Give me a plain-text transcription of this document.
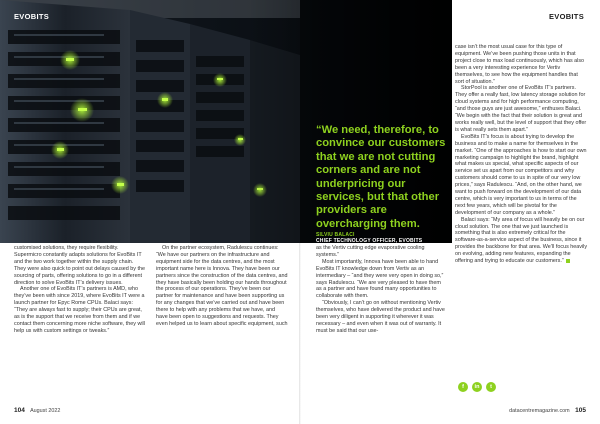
EVOBITS	EVOBITS
“We need, therefore, to convince our customers that we are not cutting corners and are not underpricing our services, but that other providers are overcharging them.
SILVIU BALACI
CHIEF TECHNOLOGY OFFICER, EVOBITS

customised solutions, they require flexibility. Supermicro constantly adapts solutions for EvoBits IT and the two work together within the supply chain. They were also quick to point out delays caused by the sourcing of parts, offering solutions to go in a different direction to solve EvoBits IT’s delivery issues.

Another one of EvoBits IT’s partners is AMD, who they’ve been with since 2019, where EvoBits IT were a launch partner for Epyc Rome CPUs. Balaci says: “They are always fast to supply; their CPUs are great, as is the support that we receive from them and if we contact them concerning more niche software, they will help us with custom settings or tweaks.”

On the partner ecosystem, Radulescu continues: “We have our partners on the infrastructure and equipment side for the data centres, and the most important name here is Innova. They have been our partners since the construction of the data centres, and they have basically been holding our hands throughout the process of our operations. They’ve been our partner for maintenance and have been supporting us for any changes that we’ve carried out and have been there to help with any problems that we have, and have been open to suggestions and requests. They even helped us to learn about specific equipment, such

as the Vertiv cutting edge evaporative cooling systems.”

Most importantly, Innova have been able to hand EvoBits IT knowledge down from Vertiv as an intermediary – “and they were very open in doing so,” says Radulescu. “We are very pleased to have them as a partner and have found many opportunities to collaborate with them.

“Obviously, I can’t go on without mentioning Vertiv themselves, who have delivered the product and have been very diligent in supporting it wherever it was necessary – and even when it was out of warranty. It must be said that our use-

case isn’t the most usual case for this type of equipment. We’ve been pushing those units in that project close to max load continuously, which has also been a very interesting experience for Vertiv themselves, to see how the equipment handles that sort of situation.”

StorPool is another one of EvoBits IT’s partners. They offer a really fast, low latency storage solution for cloud systems and for high performance computing, “and those guys are just awesome,” enthuses Balaci. “We begin with the fact that their solution is great and works really well, but the level of support that they offer is what really sets them apart.”

EvoBits IT’s focus is about trying to develop the business and to make a name for themselves in the market. “One of the approaches is how to start our own marketing campaign to highlight the brand, highlight what makes us special, what specific aspects of our service set us apart from our competitors and why customers should come to us in spite of our very low prices,” says Radulescu. “And, on the other hand, we want to push forward on the development of our data centre, which is very important to us in terms of the next few years, which will be pivotal for the development of our company as a whole.”

Balaci says: “My area of focus will heavily be on our cloud solution. The one that we just launched is something that is also extremely critical for the software-as-a-service aspect of the business, since it provides the backbone for that area. We’ll focus heavily on evolving, adding new features, expanding the offering and trying to educate our customers.”

f	in	t
104 August 2022	datacentremagazine.com 105
